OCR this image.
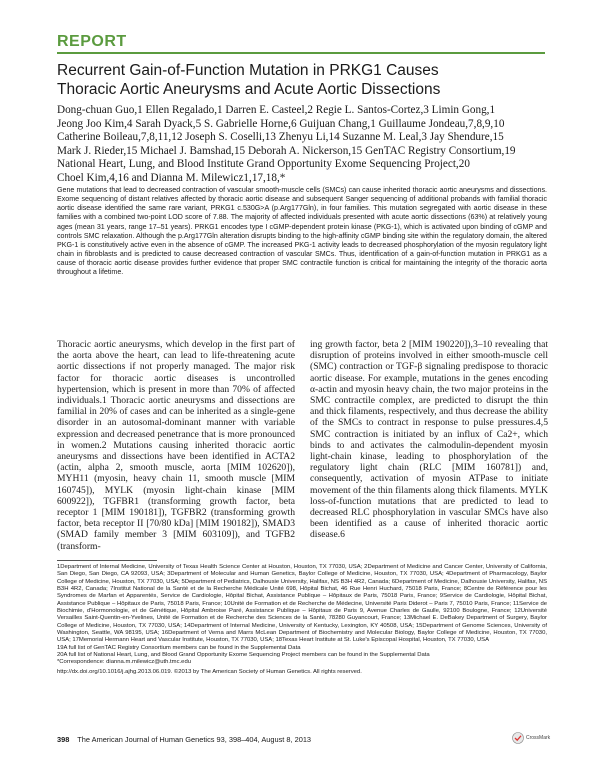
REPORT
Recurrent Gain-of-Function Mutation in PRKG1 Causes
Thoracic Aortic Aneurysms and Acute Aortic Dissections

Dong-chuan Guo,1 Ellen Regalado,1 Darren E. Casteel,2 Regie L. Santos-Cortez,3 Limin Gong,1

Jeong Joo Kim,4 Sarah Dyack,5 S. Gabrielle Horne,6 Guijuan Chang,1 Guillaume Jondeau,7,8,9,10

Catherine Boileau,7,8,11,12 Joseph S. Coselli,13 Zhenyu Li,14 Suzanne M. Leal,3 Jay Shendure,15

Mark J. Rieder,15 Michael J. Bamshad,15 Deborah A. Nickerson,15 GenTAC Registry Consortium,19

National Heart, Lung, and Blood Institute Grand Opportunity Exome Sequencing Project,20

Choel Kim,4,16 and Dianna M. Milewicz1,17,18,*

Gene mutations that lead to decreased contraction of vascular smooth-muscle cells (SMCs) can cause inherited thoracic aortic aneurysms and dissections. Exome sequencing of distant relatives affected by thoracic aortic disease and subsequent Sanger sequencing of additional probands with familial thoracic aortic disease identified the same rare variant, PRKG1 c.530G>A (p.Arg177Gln), in four families. This mutation segregated with aortic disease in these families with a combined two-point LOD score of 7.88. The majority of affected individuals presented with acute aortic dissections (63%) at relatively young ages (mean 31 years, range 17–51 years). PRKG1 encodes type I cGMP-dependent protein kinase (PKG-1), which is activated upon binding of cGMP and controls SMC relaxation. Although the p.Arg177Gln alteration disrupts binding to the high-affinity cGMP binding site within the regulatory domain, the altered PKG-1 is constitutively active even in the absence of cGMP. The increased PKG-1 activity leads to decreased phosphorylation of the myosin regulatory light chain in fibroblasts and is predicted to cause decreased contraction of vascular SMCs. Thus, identification of a gain-of-function mutation in PRKG1 as a cause of thoracic aortic disease provides further evidence that proper SMC contractile function is critical for maintaining the integrity of the thoracic aorta throughout a lifetime.

Thoracic aortic aneurysms, which develop in the first part of the aorta above the heart, can lead to life-threatening acute aortic dissections if not properly managed. The major risk factor for thoracic aortic diseases is uncontrolled hypertension, which is present in more than 70% of affected individuals.1 Thoracic aortic aneurysms and dissections are familial in 20% of cases and can be inherited as a single-gene disorder in an autosomal-dominant manner with variable expression and decreased penetrance that is more pronounced in women.2 Mutations causing inherited thoracic aortic aneurysms and dissections have been identified in ACTA2 (actin, alpha 2, smooth muscle, aorta [MIM 102620]), MYH11 (myosin, heavy chain 11, smooth muscle [MIM 160745]), MYLK (myosin light-chain kinase [MIM 600922]), TGFBR1 (transforming growth factor, beta receptor 1 [MIM 190181]), TGFBR2 (transforming growth factor, beta receptor II [70/80 kDa] [MIM 190182]), SMAD3 (SMAD family member 3 [MIM 603109]), and TGFB2 (transform-

ing growth factor, beta 2 [MIM 190220]),3–10 revealing that disruption of proteins involved in either smooth-muscle cell (SMC) contraction or TGF-β signaling predispose to thoracic aortic disease. For example, mutations in the genes encoding α-actin and myosin heavy chain, the two major proteins in the SMC contractile complex, are predicted to disrupt the thin and thick filaments, respectively, and thus decrease the ability of the SMCs to contract in response to pulse pressures.4,5 SMC contraction is initiated by an influx of Ca2+, which binds to and activates the calmodulin-dependent myosin light-chain kinase, leading to phosphorylation of the regulatory light chain (RLC [MIM 160781]) and, consequently, activation of myosin ATPase to initiate movement of the thin filaments along thick filaments. MYLK loss-of-function mutations that are predicted to lead to decreased RLC phosphorylation in vascular SMCs have also been identified as a cause of inherited thoracic aortic disease.6

1Department of Internal Medicine, University of Texas Health Science Center at Houston, Houston, TX 77030, USA; 2Department of Medicine and Cancer Center, University of California, San Diego, San Diego, CA 92093, USA; 3Department of Molecular and Human Genetics, Baylor College of Medicine, Houston, TX 77030, USA; 4Department of Pharmacology, Baylor College of Medicine, Houston, TX 77030, USA; 5Department of Pediatrics, Dalhousie University, Halifax, NS B3H 4R2, Canada; 6Department of Medicine, Dalhousie University, Halifax, NS B3H 4R2, Canada; 7Institut National de la Santé et de la Recherche Médicale Unité 698, Hôpital Bichat, 46 Rue Henri Huchard, 75018 Paris, France; 8Centre de Référence pour les Syndromes de Marfan et Apparentés, Service de Cardiologie, Hôpital Bichat, Assistance Publique – Hôpitaux de Paris, 75018 Paris, France; 9Service de Cardiologie, Hôpital Bichat, Assistance Publique – Hôpitaux de Paris, 75018 Paris, France; 10Unité de Formation et de Recherche de Médecine, Université Paris Diderot – Paris 7, 75010 Paris, France; 11Service de Biochimie, d'Hormonologie, et de Génétique, Hôpital Ambroise Paré, Assistance Publique – Hôpitaux de Paris 9, Avenue Charles de Gaulle, 92100 Boulogne, France; 12Université Versailles Saint-Quentin-en-Yvelines, Unité de Formation et de Recherche des Sciences de la Santé, 78280 Guyancourt, France; 13Michael E. DeBakey Department of Surgery, Baylor College of Medicine, Houston, TX 77030, USA; 14Department of Internal Medicine, University of Kentucky, Lexington, KY 40508, USA; 15Department of Genome Sciences, University of Washington, Seattle, WA 98195, USA; 16Department of Verna and Marrs McLean Department of Biochemistry and Molecular Biology, Baylor College of Medicine, Houston, TX 77030, USA; 17Memorial Hermann Heart and Vascular Institute, Houston, TX 77030, USA; 18Texas Heart Institute at St. Luke's Episcopal Hospital, Houston, TX 77030, USA

19A full list of GenTAC Registry Consortium members can be found in the Supplemental Data

20A full list of National Heart, Lung, and Blood Grand Opportunity Exome Sequencing Project members can be found in the Supplemental Data

*Correspondence: dianna.m.milewicz@uth.tmc.edu

http://dx.doi.org/10.1016/j.ajhg.2013.06.019. ©2013 by The American Society of Human Genetics. All rights reserved.
398 The American Journal of Human Genetics 93, 398–404, August 8, 2013	CrossMark
